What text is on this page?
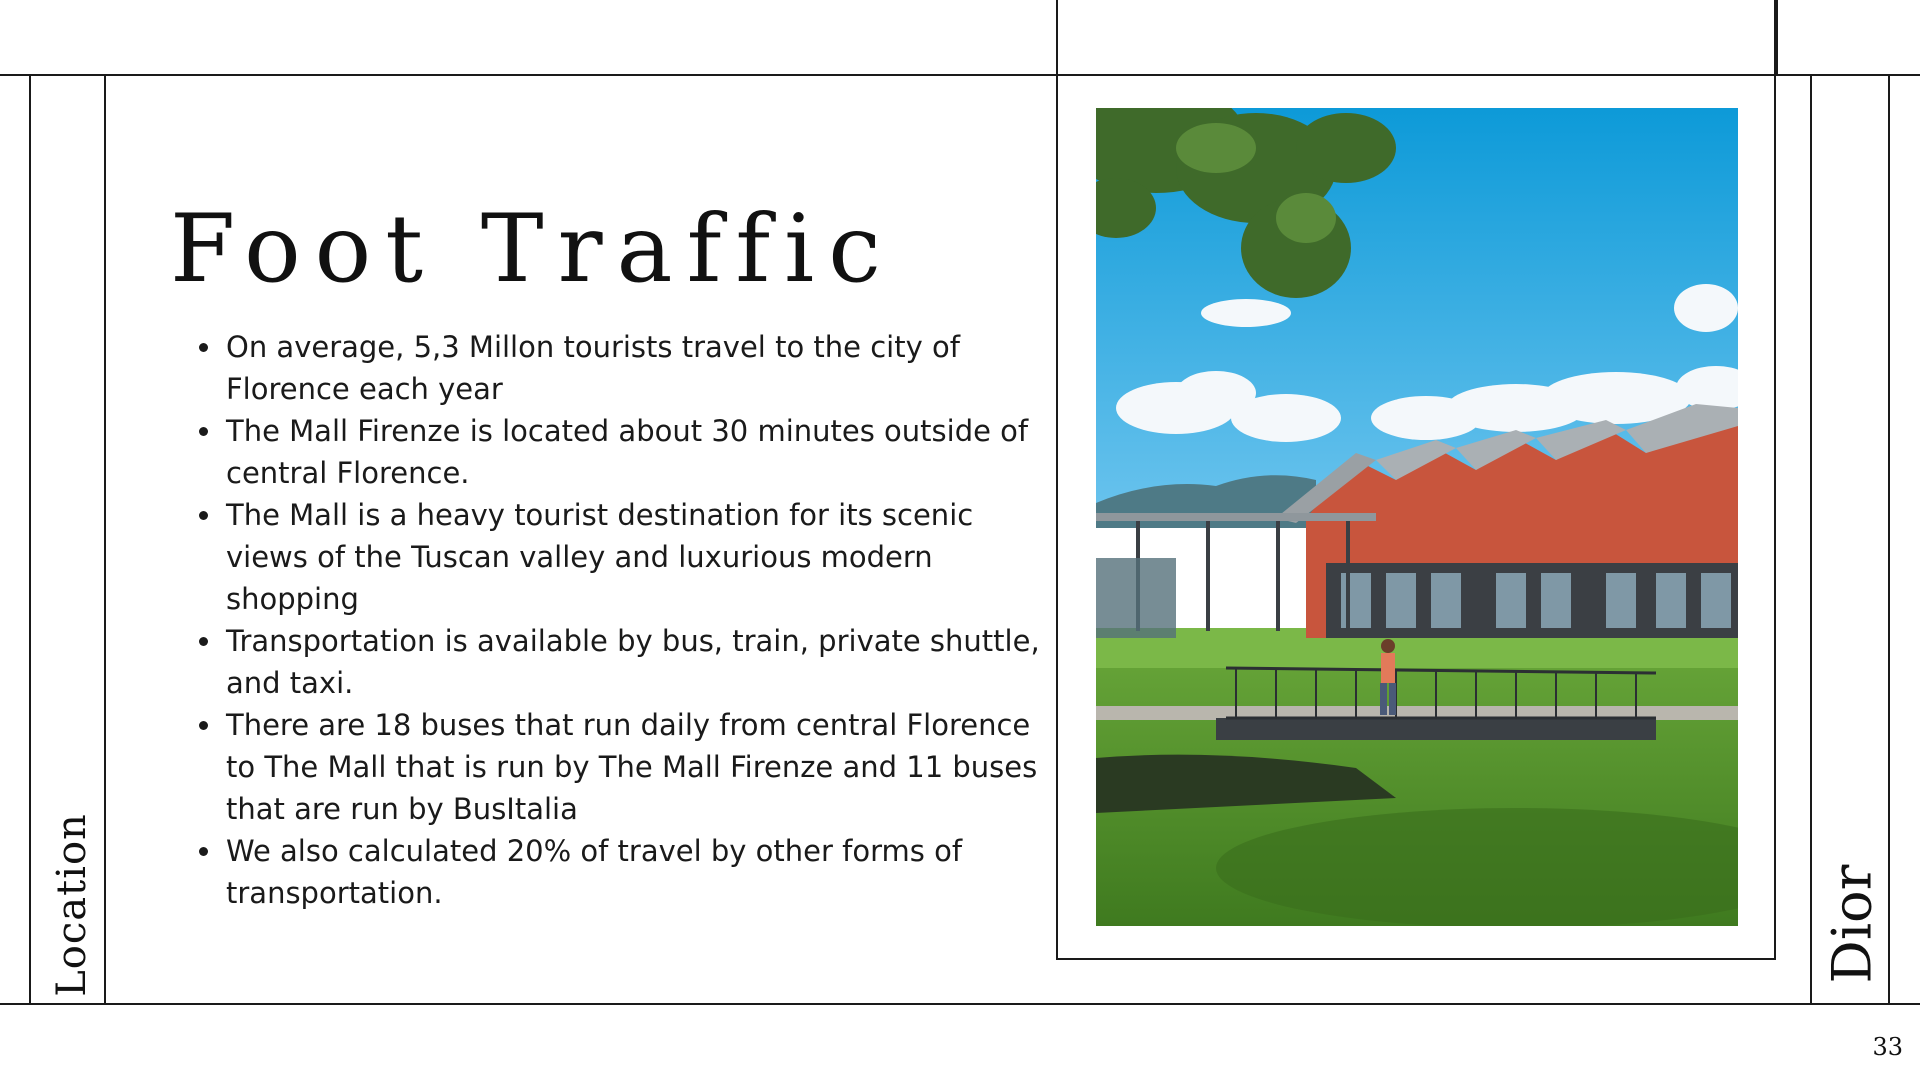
Location	Dior
33
Foot Traffic
• On average, 5,3 Millon tourists travel to the city of Florence each year
• The Mall Firenze is located about 30 minutes outside of central Florence.
• The Mall is a heavy tourist destination for its scenic views of the Tuscan valley and luxurious modern shopping
• Transportation is available by bus, train, private shuttle, and taxi.
• There are 18 buses that run daily from central Florence to The Mall that is run by The Mall Firenze and 11 buses that are run by BusItalia
• We also calculated 20% of travel by other forms of transportation.
